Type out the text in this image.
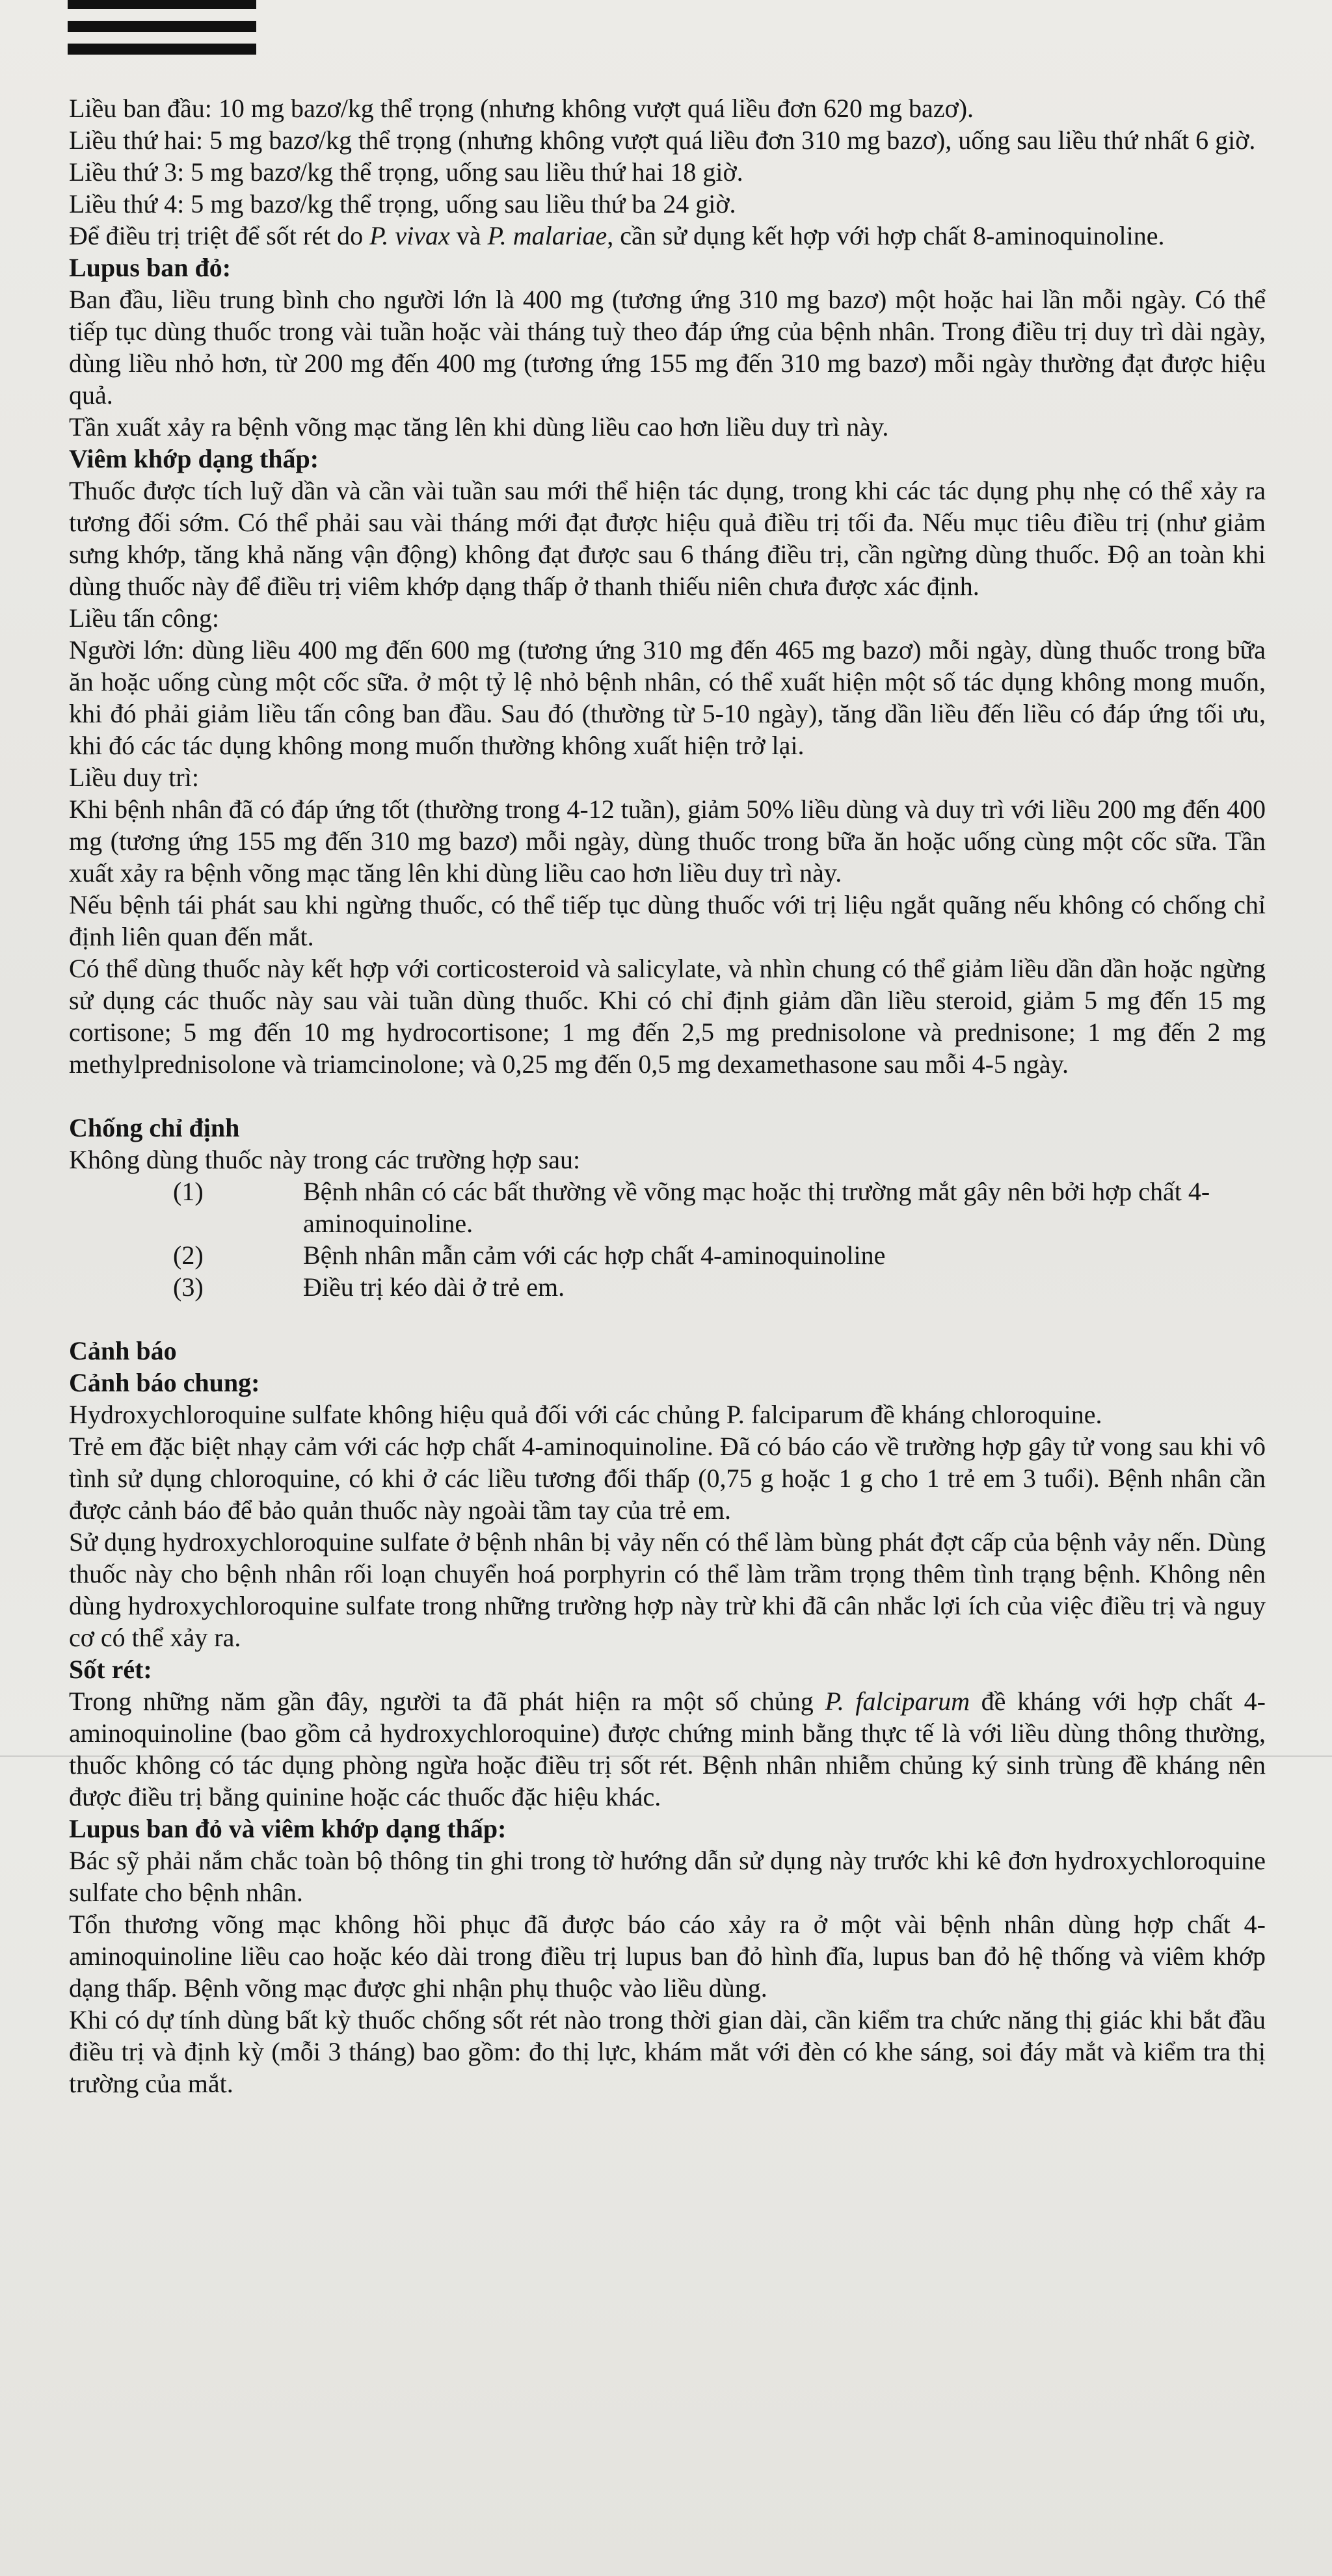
Liều ban đầu: 10 mg bazơ/kg thể trọng (nhưng không vượt quá liều đơn 620 mg bazơ).

Liều thứ hai: 5 mg bazơ/kg thể trọng (nhưng không vượt quá liều đơn 310 mg bazơ), uống sau liều thứ nhất 6 giờ.

Liều thứ 3: 5 mg bazơ/kg thể trọng, uống sau liều thứ hai 18 giờ.

Liều thứ 4: 5 mg bazơ/kg thể trọng, uống sau liều thứ ba 24 giờ.

Để điều trị triệt để sốt rét do P. vivax và P. malariae, cần sử dụng kết hợp với hợp chất 8-aminoquinoline.

Lupus ban đỏ:

Ban đầu, liều trung bình cho người lớn là 400 mg (tương ứng 310 mg bazơ) một hoặc hai lần mỗi ngày. Có thể tiếp tục dùng thuốc trong vài tuần hoặc vài tháng tuỳ theo đáp ứng của bệnh nhân. Trong điều trị duy trì dài ngày, dùng liều nhỏ hơn, từ 200 mg đến 400 mg (tương ứng 155 mg đến 310 mg bazơ) mỗi ngày thường đạt được hiệu quả.

Tần xuất xảy ra bệnh võng mạc tăng lên khi dùng liều cao hơn liều duy trì này.

Viêm khớp dạng thấp:

Thuốc được tích luỹ dần và cần vài tuần sau mới thể hiện tác dụng, trong khi các tác dụng phụ nhẹ có thể xảy ra tương đối sớm. Có thể phải sau vài tháng mới đạt được hiệu quả điều trị tối đa. Nếu mục tiêu điều trị (như giảm sưng khớp, tăng khả năng vận động) không đạt được sau 6 tháng điều trị, cần ngừng dùng thuốc. Độ an toàn khi dùng thuốc này để điều trị viêm khớp dạng thấp ở thanh thiếu niên chưa được xác định.

Liều tấn công:

Người lớn: dùng liều 400 mg đến 600 mg (tương ứng 310 mg đến 465 mg bazơ) mỗi ngày, dùng thuốc trong bữa ăn hoặc uống cùng một cốc sữa. ở một tỷ lệ nhỏ bệnh nhân, có thể xuất hiện một số tác dụng không mong muốn, khi đó phải giảm liều tấn công ban đầu. Sau đó (thường từ 5-10 ngày), tăng dần liều đến liều có đáp ứng tối ưu, khi đó các tác dụng không mong muốn thường không xuất hiện trở lại.

Liều duy trì:

Khi bệnh nhân đã có đáp ứng tốt (thường trong 4-12 tuần), giảm 50% liều dùng và duy trì với liều 200 mg đến 400 mg (tương ứng 155 mg đến 310 mg bazơ) mỗi ngày, dùng thuốc trong bữa ăn hoặc uống cùng một cốc sữa. Tần xuất xảy ra bệnh võng mạc tăng lên khi dùng liều cao hơn liều duy trì này.

Nếu bệnh tái phát sau khi ngừng thuốc, có thể tiếp tục dùng thuốc với trị liệu ngắt quãng nếu không có chống chỉ định liên quan đến mắt.

Có thể dùng thuốc này kết hợp với corticosteroid và salicylate, và nhìn chung có thể giảm liều dần dần hoặc ngừng sử dụng các thuốc này sau vài tuần dùng thuốc. Khi có chỉ định giảm dần liều steroid, giảm 5 mg đến 15 mg cortisone; 5 mg đến 10 mg hydrocortisone; 1 mg đến 2,5 mg prednisolone và prednisone; 1 mg đến 2 mg methylprednisolone và triamcinolone; và 0,25 mg đến 0,5 mg dexamethasone sau mỗi 4-5 ngày.

Chống chỉ định

Không dùng thuốc này trong các trường hợp sau:

(1)	Bệnh nhân có các bất thường về võng mạc hoặc thị trường mắt gây nên bởi hợp chất 4-aminoquinoline.
(2)	Bệnh nhân mẫn cảm với các hợp chất 4-aminoquinoline
(3)	Điều trị kéo dài ở trẻ em.

Cảnh báo

Cảnh báo chung:

Hydroxychloroquine sulfate không hiệu quả đối với các chủng P. falciparum đề kháng chloroquine.

Trẻ em đặc biệt nhạy cảm với các hợp chất 4-aminoquinoline. Đã có báo cáo về trường hợp gây tử vong sau khi vô tình sử dụng chloroquine, có khi ở các liều tương đối thấp (0,75 g hoặc 1 g cho 1 trẻ em 3 tuổi). Bệnh nhân cần được cảnh báo để bảo quản thuốc này ngoài tầm tay của trẻ em.

Sử dụng hydroxychloroquine sulfate ở bệnh nhân bị vảy nến có thể làm bùng phát đợt cấp của bệnh vảy nến. Dùng thuốc này cho bệnh nhân rối loạn chuyển hoá porphyrin có thể làm trầm trọng thêm tình trạng bệnh. Không nên dùng hydroxychloroquine sulfate trong những trường hợp này trừ khi đã cân nhắc lợi ích của việc điều trị và nguy cơ có thể xảy ra.

Sốt rét:

Trong những năm gần đây, người ta đã phát hiện ra một số chủng P. falciparum đề kháng với hợp chất 4-aminoquinoline (bao gồm cả hydroxychloroquine) được chứng minh bằng thực tế là với liều dùng thông thường, thuốc không có tác dụng phòng ngừa hoặc điều trị sốt rét. Bệnh nhân nhiễm chủng ký sinh trùng đề kháng nên được điều trị bằng quinine hoặc các thuốc đặc hiệu khác.

Lupus ban đỏ và viêm khớp dạng thấp:

Bác sỹ phải nắm chắc toàn bộ thông tin ghi trong tờ hướng dẫn sử dụng này trước khi kê đơn hydroxychloroquine sulfate cho bệnh nhân.

Tổn thương võng mạc không hồi phục đã được báo cáo xảy ra ở một vài bệnh nhân dùng hợp chất 4-aminoquinoline liều cao hoặc kéo dài trong điều trị lupus ban đỏ hình đĩa, lupus ban đỏ hệ thống và viêm khớp dạng thấp. Bệnh võng mạc được ghi nhận phụ thuộc vào liều dùng.

Khi có dự tính dùng bất kỳ thuốc chống sốt rét nào trong thời gian dài, cần kiểm tra chức năng thị giác khi bắt đầu điều trị và định kỳ (mỗi 3 tháng) bao gồm: đo thị lực, khám mắt với đèn có khe sáng, soi đáy mắt và kiểm tra thị trường của mắt.
